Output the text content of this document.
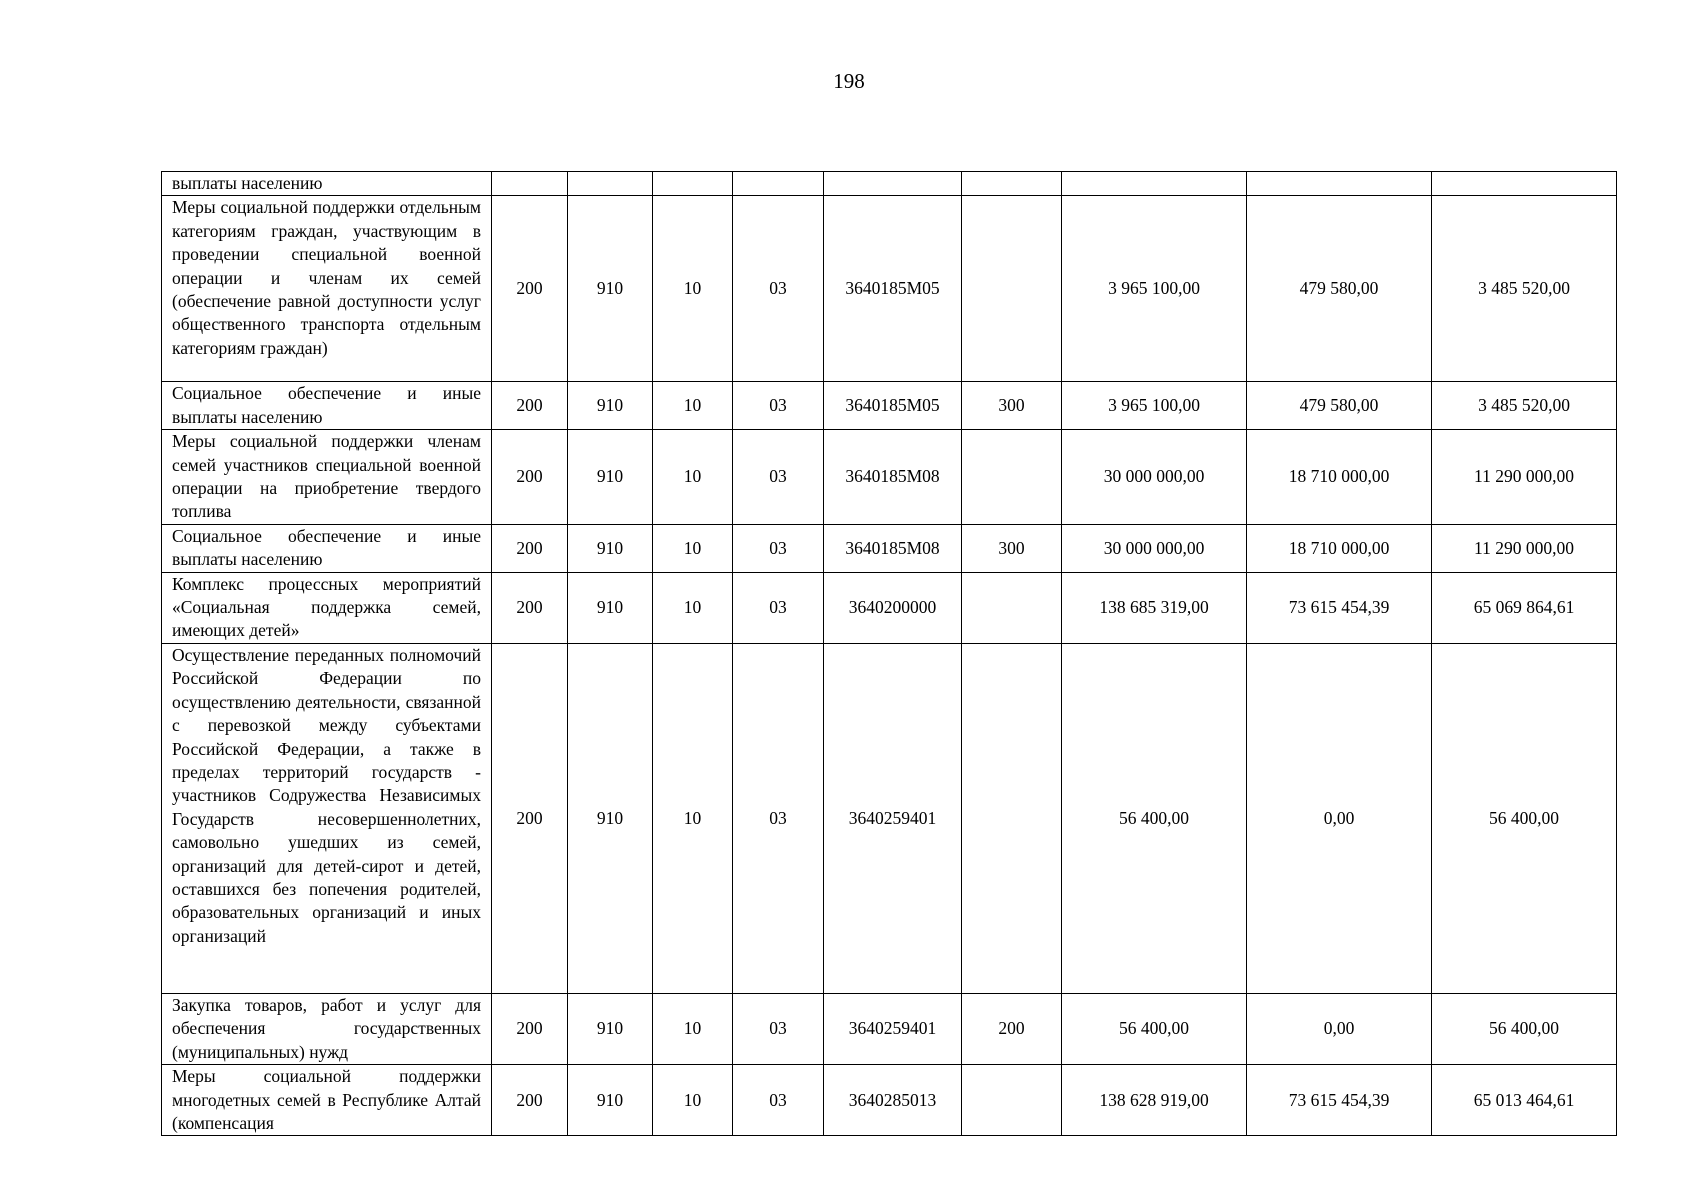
198
выплаты населению									
Меры социальной поддержки отдельным категориям граждан, участвующим в проведении специальной военной операции и членам их семей (обеспечение равной доступности услуг общественного транспорта отдельным категориям граждан)	200	910	10	03	3640185M05		3 965 100,00	479 580,00	3 485 520,00
Социальное обеспечение и иные выплаты населению	200	910	10	03	3640185M05	300	3 965 100,00	479 580,00	3 485 520,00
Меры социальной поддержки членам семей участников специальной военной операции на приобретение твердого топлива	200	910	10	03	3640185M08		30 000 000,00	18 710 000,00	11 290 000,00
Социальное обеспечение и иные выплаты населению	200	910	10	03	3640185M08	300	30 000 000,00	18 710 000,00	11 290 000,00
Комплекс процессных мероприятий «Социальная поддержка семей, имеющих детей»	200	910	10	03	3640200000		138 685 319,00	73 615 454,39	65 069 864,61
Осуществление переданных полномочий Российской Федерации по осуществлению деятельности, связанной с перевозкой между субъектами Российской Федерации, а также в пределах территорий государств - участников Содружества Независимых Государств несовершеннолетних, самовольно ушедших из семей, организаций для детей-сирот и детей, оставшихся без попечения родителей, образовательных организаций и иных организаций	200	910	10	03	3640259401		56 400,00	0,00	56 400,00
Закупка товаров, работ и услуг для обеспечения государственных (муниципальных) нужд	200	910	10	03	3640259401	200	56 400,00	0,00	56 400,00
Меры социальной поддержки многодетных семей в Республике Алтай (компенсация	200	910	10	03	3640285013		138 628 919,00	73 615 454,39	65 013 464,61
